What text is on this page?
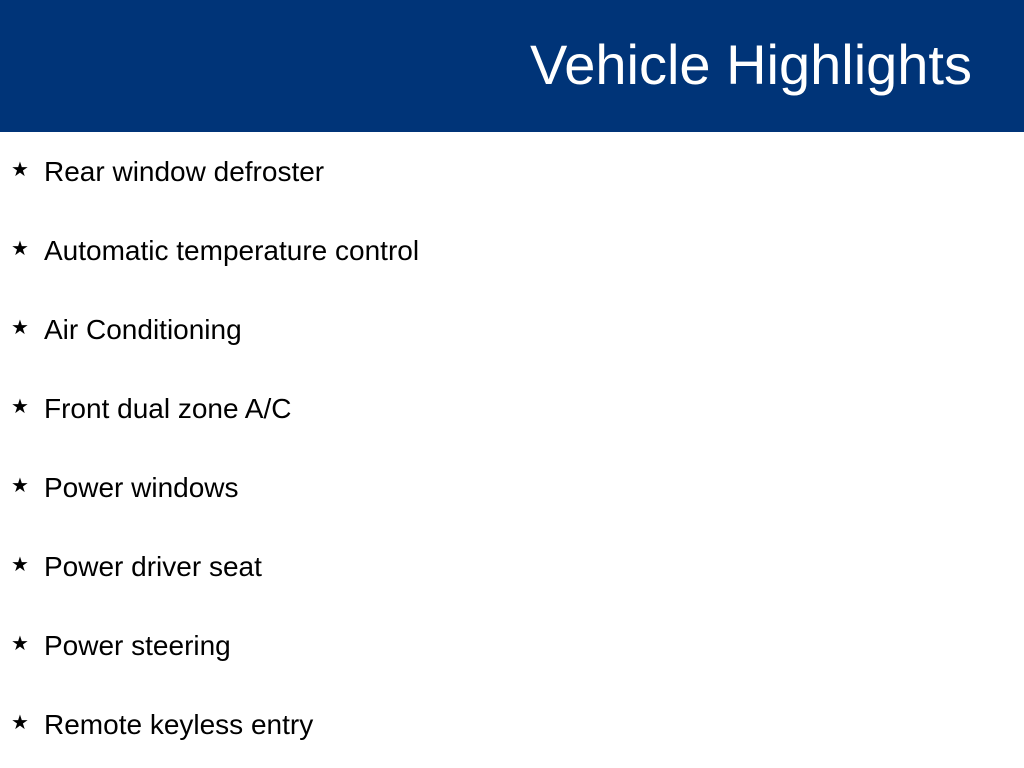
Vehicle Highlights
★ Rear window defroster
★ Automatic temperature control
★ Air Conditioning
★ Front dual zone A/C
★ Power windows
★ Power driver seat
★ Power steering
★ Remote keyless entry
